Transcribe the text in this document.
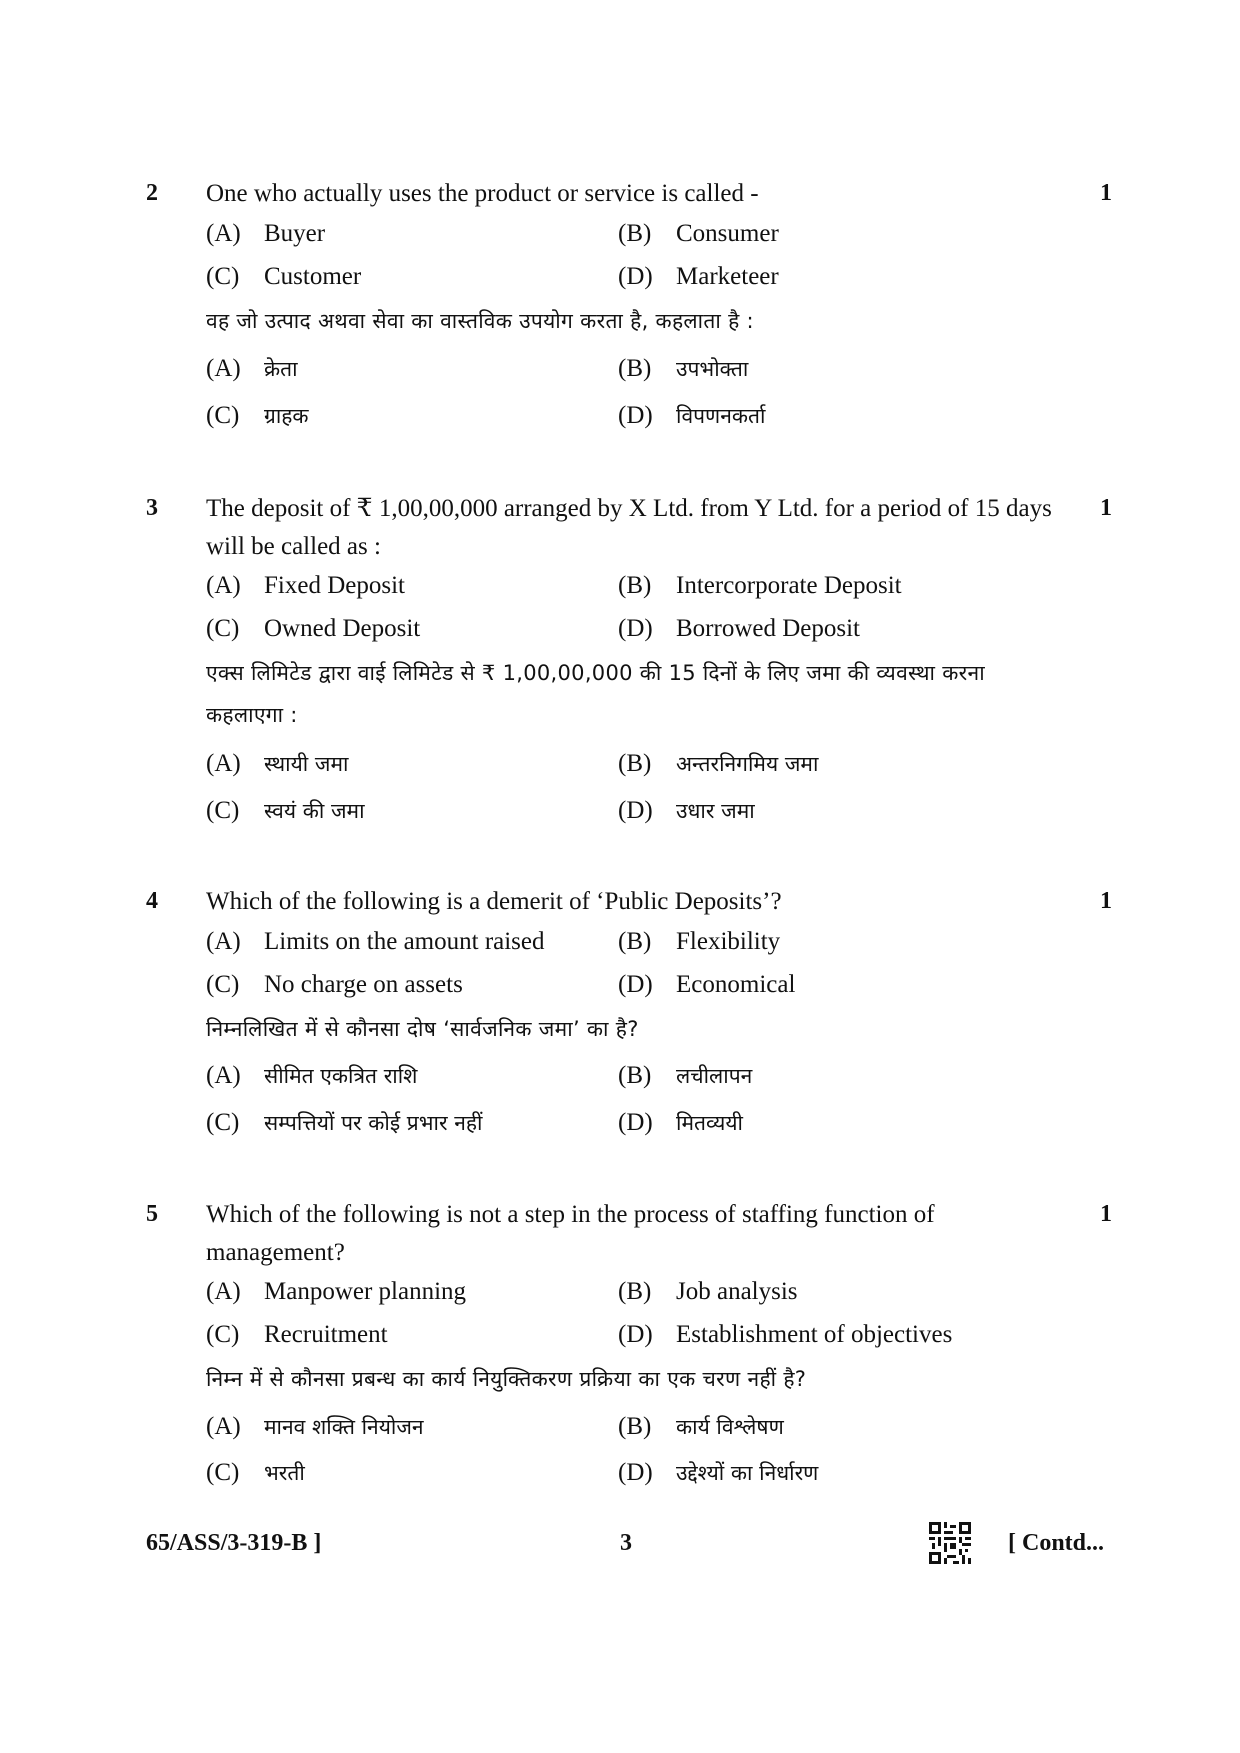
2 One who actually uses the product or service is called -	1
(A) Buyer	(B) Consumer
(C) Customer	(D) Marketeer
वह जो उत्पाद अथवा सेवा का वास्तविक उपयोग करता है, कहलाता है :
(A) क्रेता	(B) उपभोक्ता
(C) ग्राहक	(D) विपणनकर्ता
3 The deposit of ₹ 1,00,00,000 arranged by X Ltd. from Y Ltd. for a period of 15 days will be called as :
1
(A) Fixed Deposit	(B) Intercorporate Deposit
(C) Owned Deposit	(D) Borrowed Deposit
एक्स लिमिटेड द्वारा वाई लिमिटेड से ₹ 1,00,00,000 की 15 दिनों के लिए जमा की व्यवस्था करना कहलाएगा :
(A) स्थायी जमा	(B) अन्तरनिगमिय जमा
(C) स्वयं की जमा	(D) उधार जमा
4 Which of the following is a demerit of ‘Public Deposits’?	1
(A) Limits on the amount raised	(B) Flexibility
(C) No charge on assets	(D) Economical
निम्नलिखित में से कौनसा दोष ‘सार्वजनिक जमा’ का है?
(A) सीमित एकत्रित राशि	(B) लचीलापन
(C) सम्पत्तियों पर कोई प्रभार नहीं	(D) मितव्ययी
5 Which of the following is not a step in the process of staffing function of management?
1
(A) Manpower planning	(B) Job analysis
(C) Recruitment	(D) Establishment of objectives
निम्न में से कौनसा प्रबन्ध का कार्य नियुक्तिकरण प्रक्रिया का एक चरण नहीं है?
(A) मानव शक्ति नियोजन	(B) कार्य विश्लेषण
(C) भरती	(D) उद्देश्यों का निर्धारण
65/ASS/3-319-B ]	3	[ Contd...
